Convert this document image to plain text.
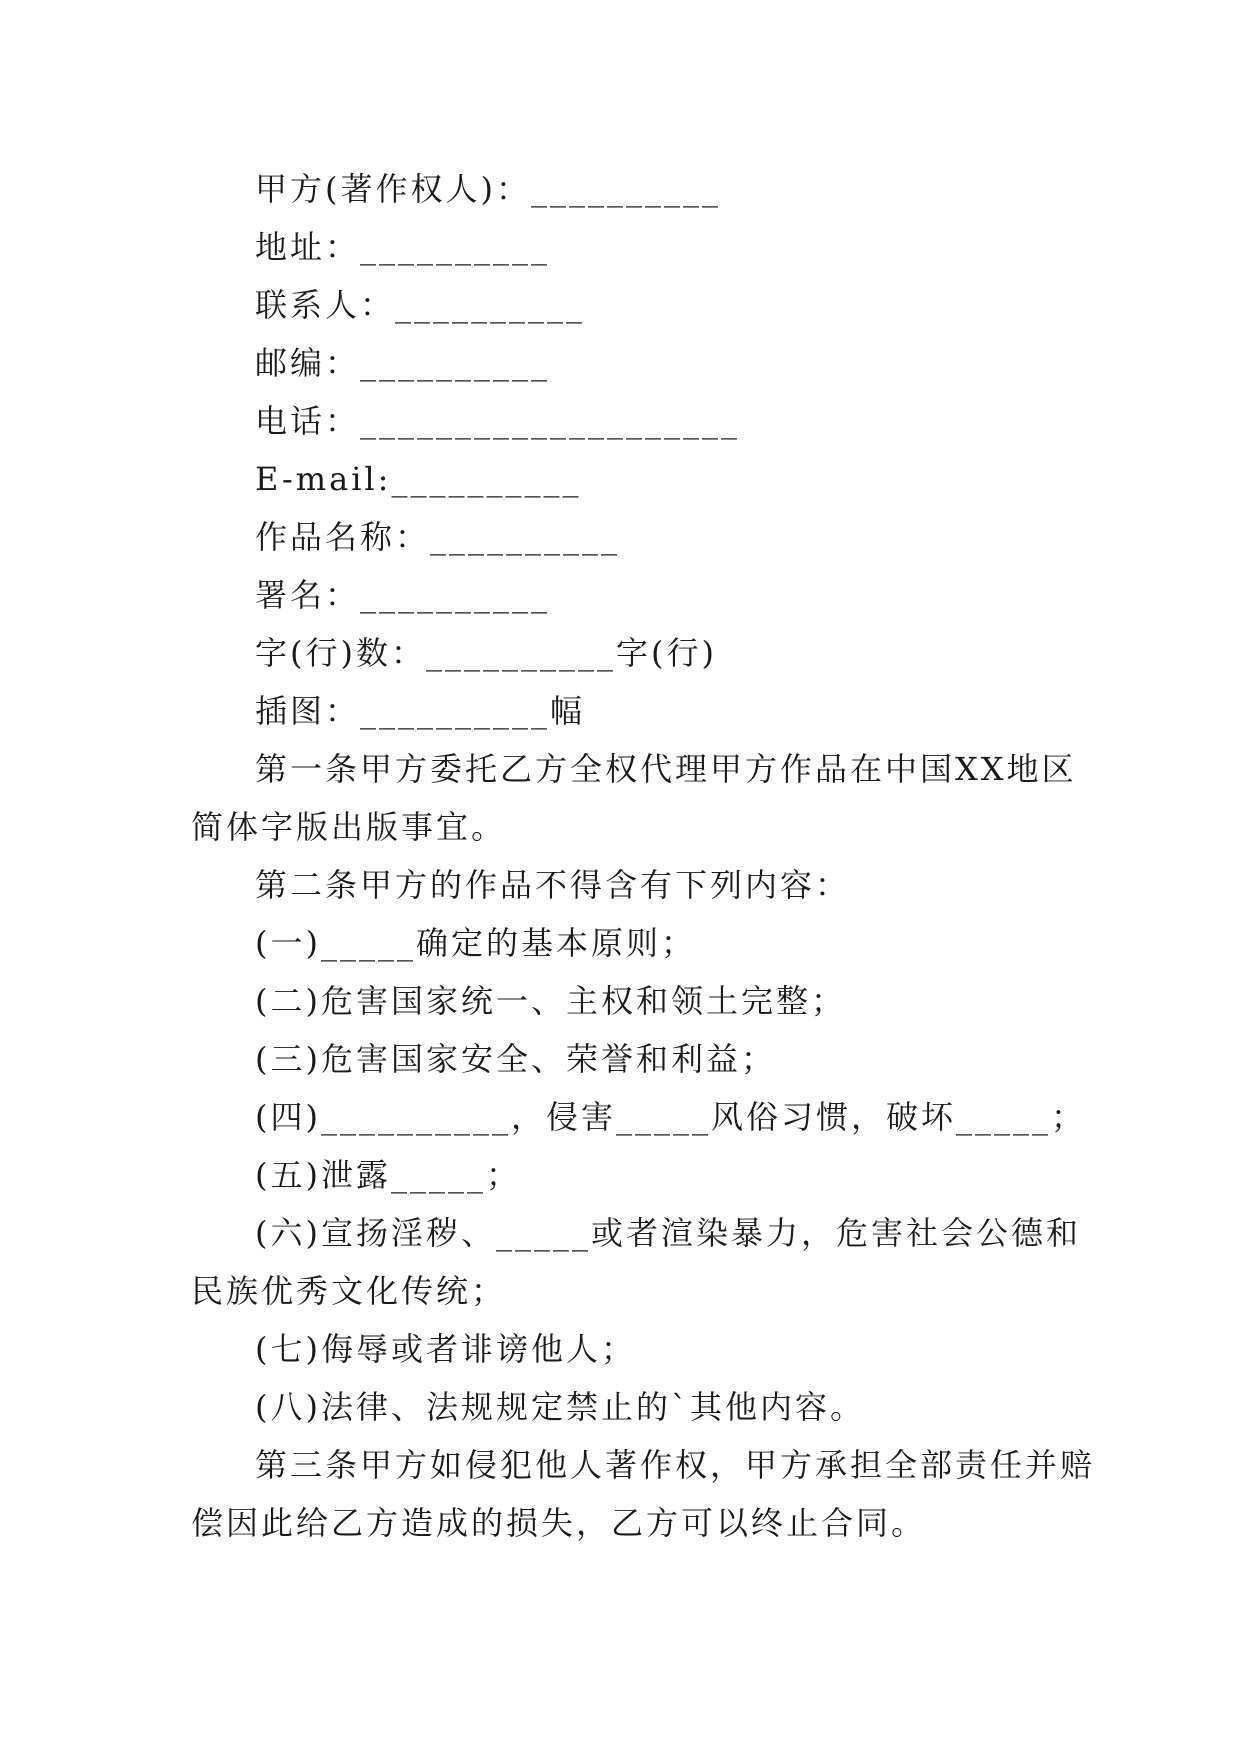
甲方(著作权人)：__________
地址：__________
联系人：__________
邮编：__________
电话：____________________
E-mail:__________
作品名称：__________
署名：__________
字(行)数：__________字(行)
插图：__________幅
第一条甲方委托乙方全权代理甲方作品在中国XX地区
简体字版出版事宜。
第二条甲方的作品不得含有下列内容：
(一)_____确定的基本原则；
(二)危害国家统一、主权和领土完整；
(三)危害国家安全、荣誉和利益；
(四)__________，侵害_____风俗习惯，破坏_____；
(五)泄露_____；
(六)宣扬淫秽、_____或者渲染暴力，危害社会公德和
民族优秀文化传统；
(七)侮辱或者诽谤他人；
(八)法律、法规规定禁止的`其他内容。
第三条甲方如侵犯他人著作权，甲方承担全部责任并赔
偿因此给乙方造成的损失，乙方可以终止合同。
